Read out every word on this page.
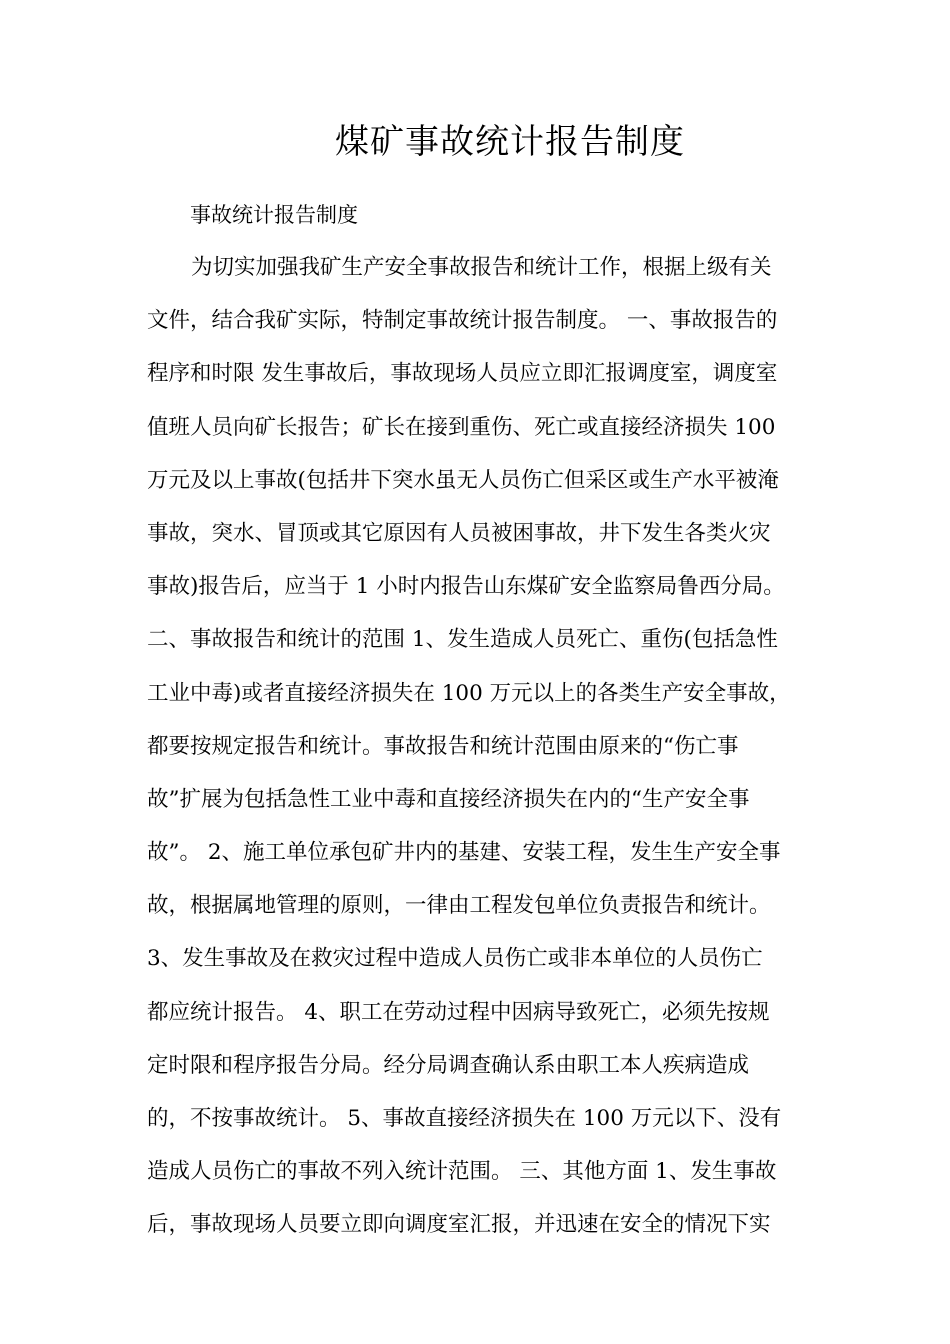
煤矿事故统计报告制度
事故统计报告制度
为切实加强我矿生产安全事故报告和统计工作，根据上级有关
文件，结合我矿实际，特制定事故统计报告制度。 一、事故报告的
程序和时限 发生事故后，事故现场人员应立即汇报调度室，调度室
值班人员向矿长报告；矿长在接到重伤、死亡或直接经济损失 100
万元及以上事故(包括井下突水虽无人员伤亡但采区或生产水平被淹
事故，突水、冒顶或其它原因有人员被困事故，井下发生各类火灾
事故)报告后，应当于 1 小时内报告山东煤矿安全监察局鲁西分局。
二、事故报告和统计的范围 1、发生造成人员死亡、重伤(包括急性
工业中毒)或者直接经济损失在 100 万元以上的各类生产安全事故，
都要按规定报告和统计。事故报告和统计范围由原来的“伤亡事
故”扩展为包括急性工业中毒和直接经济损失在内的“生产安全事
故”。 2、施工单位承包矿井内的基建、安装工程，发生生产安全事
故，根据属地管理的原则，一律由工程发包单位负责报告和统计。
3、发生事故及在救灾过程中造成人员伤亡或非本单位的人员伤亡
都应统计报告。 4、职工在劳动过程中因病导致死亡，必须先按规
定时限和程序报告分局。经分局调查确认系由职工本人疾病造成
的，不按事故统计。 5、事故直接经济损失在 100 万元以下、没有
造成人员伤亡的事故不列入统计范围。 三、其他方面 1、发生事故
后，事故现场人员要立即向调度室汇报，并迅速在安全的情况下实
